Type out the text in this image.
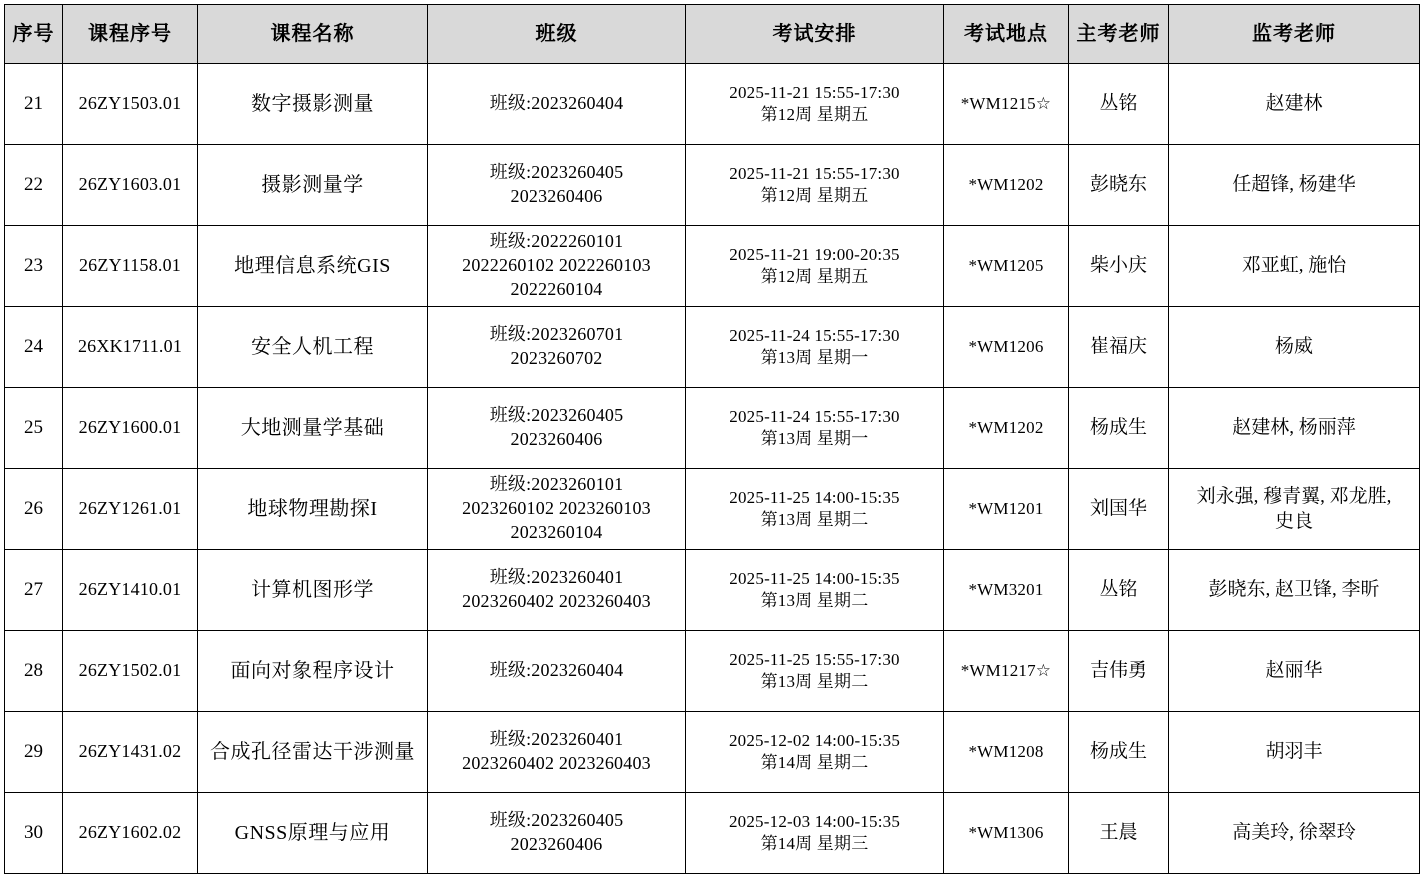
序号	课程序号	课程名称	班级	考试安排	考试地点	主考老师	监考老师
21	26ZY1503.01	数字摄影测量	班级:2023260404	2025-11-21 15:55-17:30
第12周 星期五	*WM1215☆	丛铭	赵建林

22	26ZY1603.01	摄影测量学	班级:2023260405
2023260406	2025-11-21 15:55-17:30
第12周 星期五	*WM1202	彭晓东	任超锋, 杨建华

23	26ZY1158.01	地理信息系统GIS	班级:2022260101
2022260102 2022260103
2022260104	2025-11-21 19:00-20:35
第12周 星期五	*WM1205	柴小庆	邓亚虹, 施怡

24	26XK1711.01	安全人机工程	班级:2023260701
2023260702	2025-11-24 15:55-17:30
第13周 星期一	*WM1206	崔福庆	杨威

25	26ZY1600.01	大地测量学基础	班级:2023260405
2023260406	2025-11-24 15:55-17:30
第13周 星期一	*WM1202	杨成生	赵建林, 杨丽萍

26	26ZY1261.01	地球物理勘探I	班级:2023260101
2023260102 2023260103
2023260104	2025-11-25 14:00-15:35
第13周 星期二	*WM1201	刘国华	刘永强, 穆青翼, 邓龙胜,
史良

27	26ZY1410.01	计算机图形学	班级:2023260401
2023260402 2023260403	2025-11-25 14:00-15:35
第13周 星期二	*WM3201	丛铭	彭晓东, 赵卫锋, 李昕

28	26ZY1502.01	面向对象程序设计	班级:2023260404	2025-11-25 15:55-17:30
第13周 星期二	*WM1217☆	吉伟勇	赵丽华

29	26ZY1431.02	合成孔径雷达干涉测量	班级:2023260401
2023260402 2023260403	2025-12-02 14:00-15:35
第14周 星期二	*WM1208	杨成生	胡羽丰

30	26ZY1602.02	GNSS原理与应用	班级:2023260405
2023260406	2025-12-03 14:00-15:35
第14周 星期三	*WM1306	王晨	高美玲, 徐翠玲
